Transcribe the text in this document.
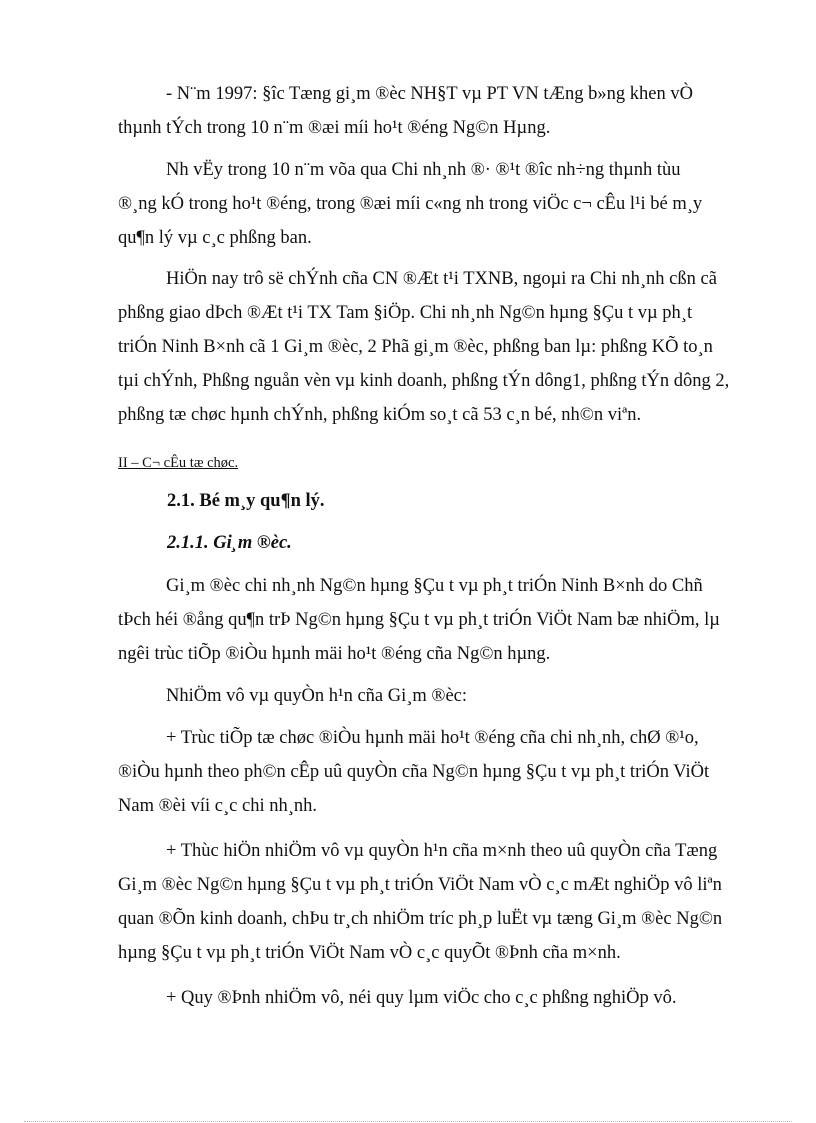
- N¨m 1997: §îc Tæng gi¸m ®èc NH§T vµ PT VN tÆng b»ng khen vÒ
thµnh tÝch trong 10 n¨m ®æi míi ho¹t ®éng Ng©n Hµng.

Nh vËy trong 10 n¨m võa qua Chi nh¸nh ®· ®¹t ®îc nh÷ng thµnh tùu
®¸ng kÓ trong ho¹t ®éng, trong ®æi míi c«ng nh trong viÖc c¬ cÊu l¹i bé m¸y
qu¶n lý vµ c¸c phßng ban.

HiÖn nay trô së chÝnh cña CN ®Æt t¹i TXNB, ngoµi ra Chi nh¸nh cßn cã
phßng giao dÞch ®Æt t¹i TX Tam §iÖp. Chi nh¸nh Ng©n hµng §Çu t vµ ph¸t
triÓn Ninh B×nh cã 1 Gi¸m ®èc, 2 Phã gi¸m ®èc, phßng ban lµ: phßng KÕ to¸n
tµi chÝnh, Phßng nguån vèn vµ kinh doanh, phßng tÝn dông1, phßng tÝn dông 2,
phßng tæ chøc hµnh chÝnh, phßng kiÓm so¸t cã 53 c¸n bé, nh©n viªn.

II – C¬ cÊu tæ chøc.
2.1. Bé m¸y qu¶n lý.
2.1.1. Gi¸m ®èc.

Gi¸m ®èc chi nh¸nh Ng©n hµng §Çu t vµ ph¸t triÓn Ninh B×nh do Chñ
tÞch héi ®ång qu¶n trÞ Ng©n hµng §Çu t vµ ph¸t triÓn ViÖt Nam bæ nhiÖm, lµ
ngêi trùc tiÕp ®iÒu hµnh mäi ho¹t ®éng cña Ng©n hµng.

NhiÖm vô vµ quyÒn h¹n cña Gi¸m ®èc:

+ Trùc tiÕp tæ chøc ®iÒu hµnh mäi ho¹t ®éng cña chi nh¸nh, chØ ®¹o,
®iÒu hµnh theo ph©n cÊp uû quyÒn cña Ng©n hµng §Çu t vµ ph¸t triÓn ViÖt
Nam ®èi víi c¸c chi nh¸nh.

+ Thùc hiÖn nhiÖm vô vµ quyÒn h¹n cña m×nh theo uû quyÒn cña Tæng
Gi¸m ®èc Ng©n hµng §Çu t vµ ph¸t triÓn ViÖt Nam vÒ c¸c mÆt nghiÖp vô liªn
quan ®Õn kinh doanh, chÞu tr¸ch nhiÖm tríc ph¸p luËt vµ tæng Gi¸m ®èc Ng©n
hµng §Çu t vµ ph¸t triÓn ViÖt Nam vÒ c¸c quyÕt ®Þnh cña m×nh.

+ Quy ®Þnh nhiÖm vô, néi quy lµm viÖc cho c¸c phßng nghiÖp vô.
